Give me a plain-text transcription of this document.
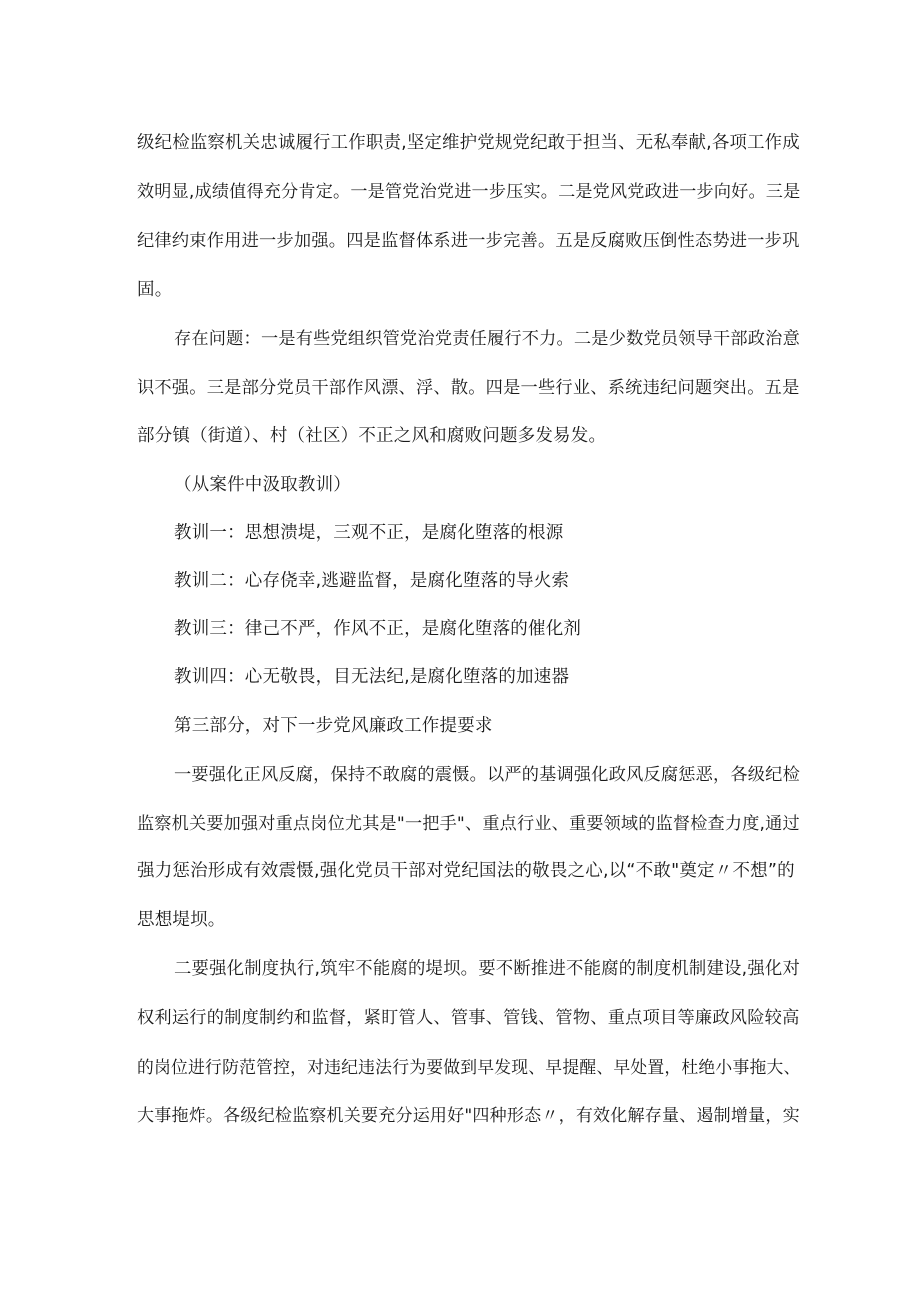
级纪检监察机关忠诚履行工作职责,坚定维护党规党纪敢于担当、无私奉献,各项工作成
效明显,成绩值得充分肯定。一是管党治党进一步压实。二是党风党政进一步向好。三是
纪律约束作用进一步加强。四是监督体系进一步完善。五是反腐败压倒性态势进一步巩
固。
存在问题：一是有些党组织管党治党责任履行不力。二是少数党员领导干部政治意
识不强。三是部分党员干部作风漂、浮、散。四是一些行业、系统违纪问题突出。五是
部分镇（街道）、村（社区）不正之风和腐败问题多发易发。
（从案件中汲取教训）
教训一：思想溃堤，三观不正，是腐化堕落的根源
教训二：心存侥幸,逃避监督，是腐化堕落的导火索
教训三：律己不严，作风不正，是腐化堕落的催化剂
教训四：心无敬畏，目无法纪,是腐化堕落的加速器
第三部分，对下一步党风廉政工作提要求
一要强化正风反腐，保持不敢腐的震慑。以严的基调强化政风反腐惩恶，各级纪检
监察机关要加强对重点岗位尤其是"一把手"、重点行业、重要领域的监督检查力度,通过
强力惩治形成有效震慑,强化党员干部对党纪国法的敬畏之心,以“不敢"奠定〃不想”的
思想堤坝。
二要强化制度执行,筑牢不能腐的堤坝。要不断推进不能腐的制度机制建设,强化对
权利运行的制度制约和监督，紧盯管人、管事、管钱、管物、重点项目等廉政风险较高
的岗位进行防范管控，对违纪违法行为要做到早发现、早提醒、早处置，杜绝小事拖大、
大事拖炸。各级纪检监察机关要充分运用好"四种形态〃，有效化解存量、遏制增量，实
